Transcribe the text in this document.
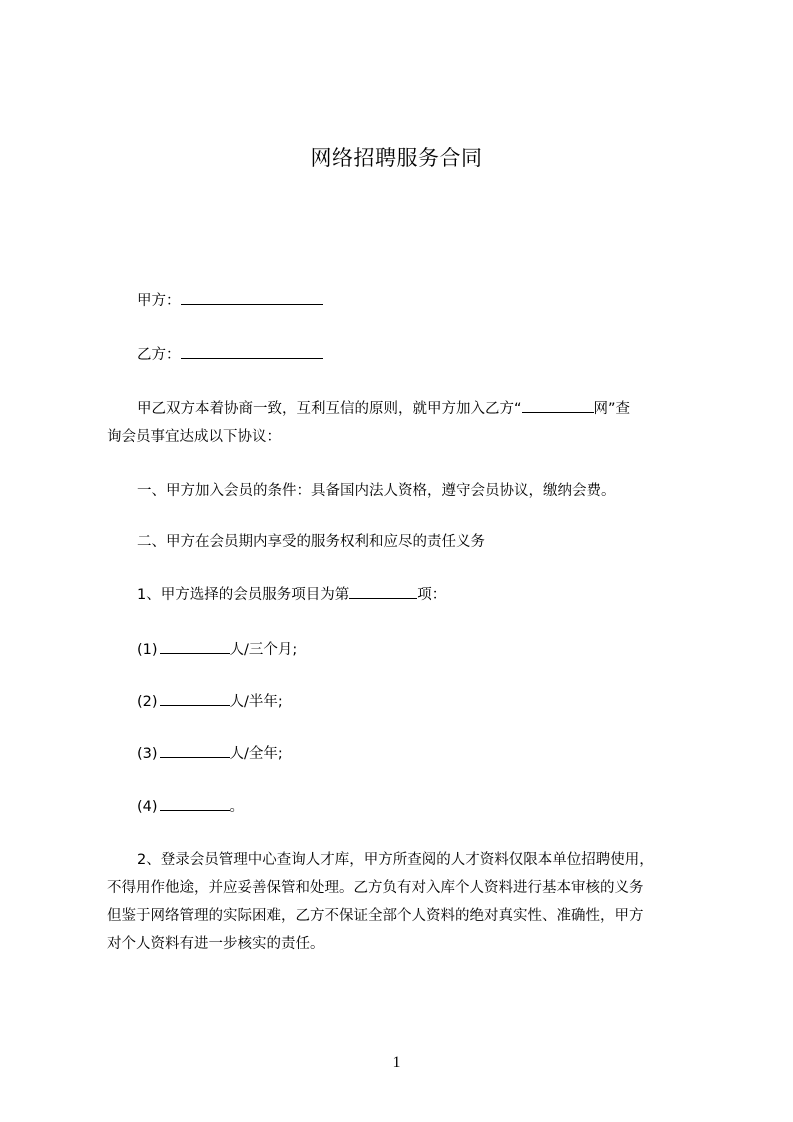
网络招聘服务合同
甲方：
乙方：
甲乙双方本着协商一致，互利互信的原则，就甲方加入乙方“	网”查
询会员事宜达成以下协议：
一、甲方加入会员的条件：具备国内法人资格，遵守会员协议，缴纳会费。
二、甲方在会员期内享受的服务权利和应尽的责任义务
1、甲方选择的会员服务项目为第	项：
(1)	人/三个月;
(2)	人/半年;
(3)	人/全年;
(4)	。
2、登录会员管理中心查询人才库，甲方所查阅的人才资料仅限本单位招聘使用，
不得用作他途，并应妥善保管和处理。乙方负有对入库个人资料进行基本审核的义务
但鉴于网络管理的实际困难，乙方不保证全部个人资料的绝对真实性、准确性，甲方
对个人资料有进一步核实的责任。
1
